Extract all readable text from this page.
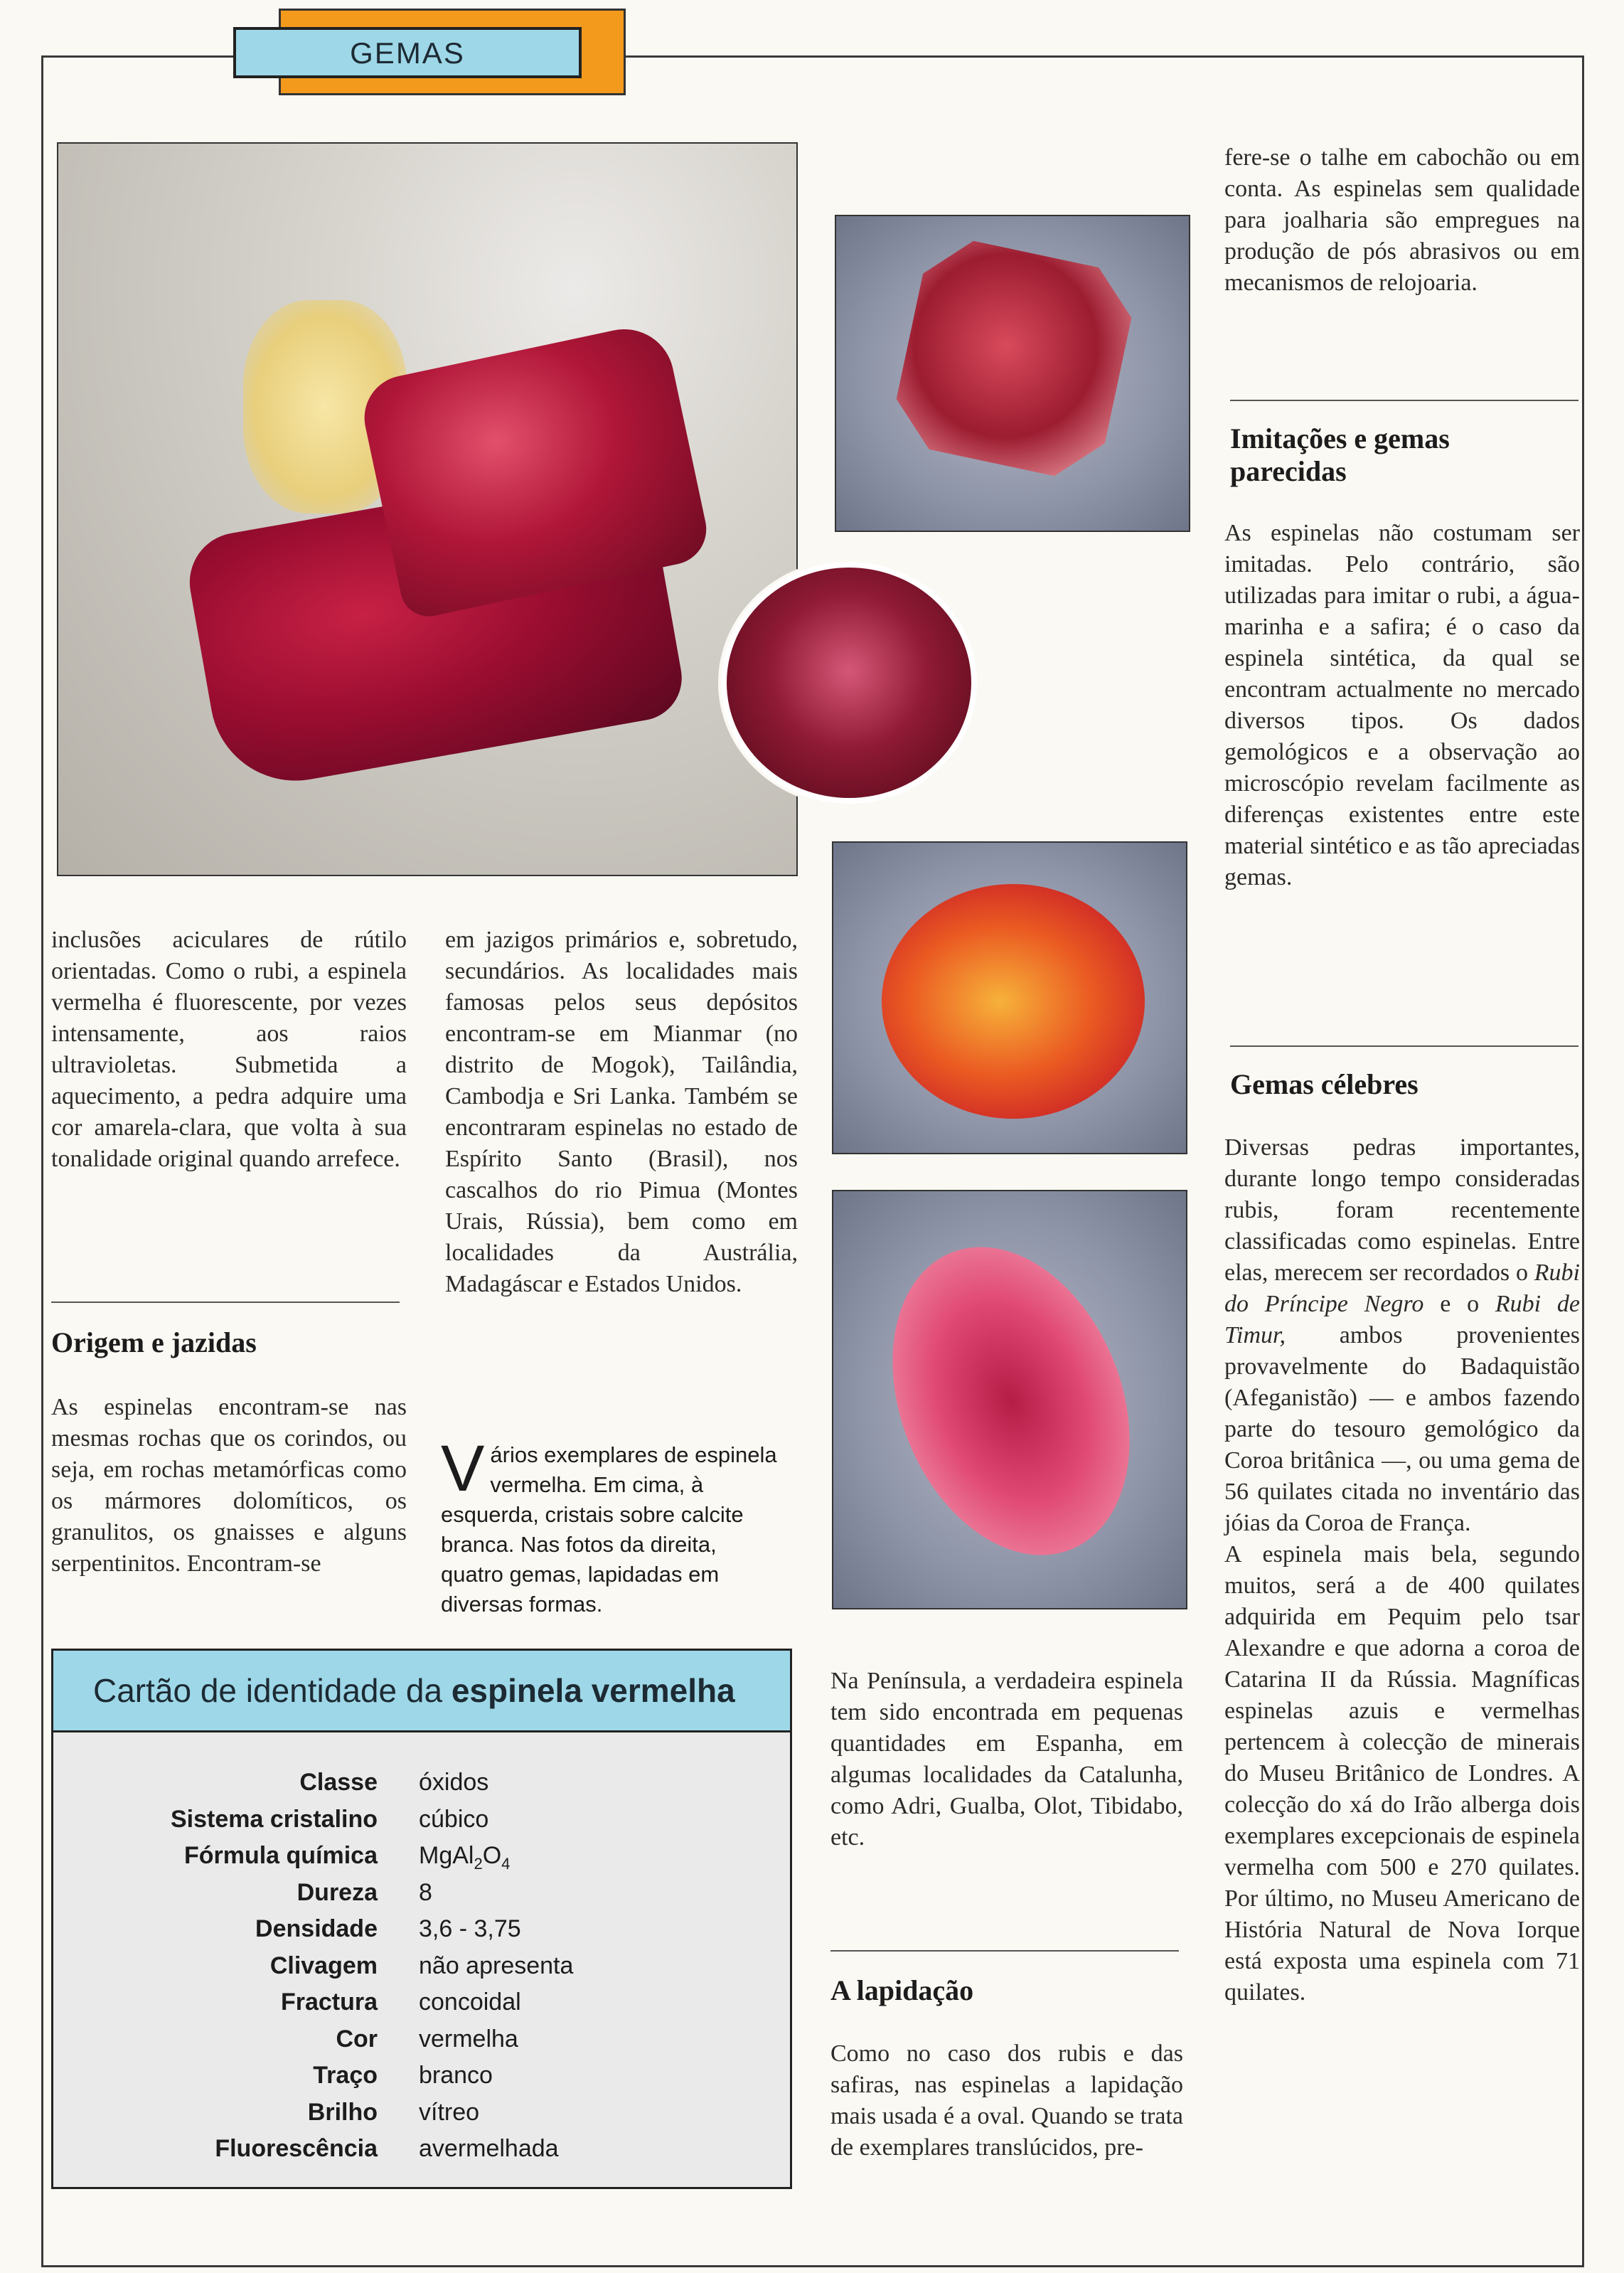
GEMAS

inclusões aciculares de rútilo orientadas. Como o rubi, a espinela vermelha é fluorescente, por vezes intensamente, aos raios ultravioletas. Submetida a aquecimento, a pedra adquire uma cor amarela-clara, que volta à sua tonalidade original quando arrefece.

Origem e jazidas

As espinelas encontram-se nas mesmas rochas que os corindos, ou seja, em rochas metamórficas como os mármores dolomíticos, os granulitos, os gnaisses e alguns serpentinitos. Encontram-se

em jazigos primários e, sobretudo, secundários. As localidades mais famosas pelos seus depósitos encontram-se em Mianmar (no distrito de Mogok), Tailândia, Cambodja e Sri Lanka. Também se encontraram espinelas no estado de Espírito Santo (Brasil), nos cascalhos do rio Pimua (Montes Urais, Rússia), bem como em localidades da Austrália, Madagáscar e Estados Unidos.

Vários exemplares de espinela vermelha. Em cima, à esquerda, cristais sobre calcite branca. Nas fotos da direita, quatro gemas, lapidadas em diversas formas.

Na Península, a verdadeira espinela tem sido encontrada em pequenas quantidades em Espanha, em algumas localidades da Catalunha, como Adri, Gualba, Olot, Tibidabo, etc.

A lapidação

Como no caso dos rubis e das safiras, nas espinelas a lapidação mais usada é a oval. Quando se trata de exemplares translúcidos, pre-

fere-se o talhe em cabochão ou em conta. As espinelas sem qualidade para joalharia são empregues na produção de pós abrasivos ou em mecanismos de relojoaria.

Imitações e gemas parecidas

As espinelas não costumam ser imitadas. Pelo contrário, são utilizadas para imitar o rubi, a água-marinha e a safira; é o caso da espinela sintética, da qual se encontram actualmente no mercado diversos tipos. Os dados gemológicos e a observação ao microscópio revelam facilmente as diferenças existentes entre este material sintético e as tão apreciadas gemas.

Gemas célebres

Diversas pedras importantes, durante longo tempo consideradas rubis, foram recentemente classificadas como espinelas. Entre elas, merecem ser recordados o Rubi do Príncipe Negro e o Rubi de Timur, ambos provenientes provavelmente do Badaquistão (Afeganistão) — e ambos fazendo parte do tesouro gemológico da Coroa britânica —, ou uma gema de 56 quilates citada no inventário das jóias da Coroa de França.

A espinela mais bela, segundo muitos, será a de 400 quilates adquirida em Pequim pelo tsar Alexandre e que adorna a coroa de Catarina II da Rússia. Magníficas espinelas azuis e vermelhas pertencem à colecção de minerais do Museu Britânico de Londres. A colecção do xá do Irão alberga dois exemplares excepcionais de espinela vermelha com 500 e 270 quilates. Por último, no Museu Americano de História Natural de Nova Iorque está exposta uma espinela com 71 quilates.

Cartão de identidade da espinela vermelha
Classe óxidos
Sistema cristalino cúbico
Fórmula química $MgAl_2O_4$
Dureza 8
Densidade 3,6 - 3,75
Clivagem não apresenta
Fractura concoidal
Cor vermelha
Traço branco
Brilho vítreo
Fluorescência avermelhada
